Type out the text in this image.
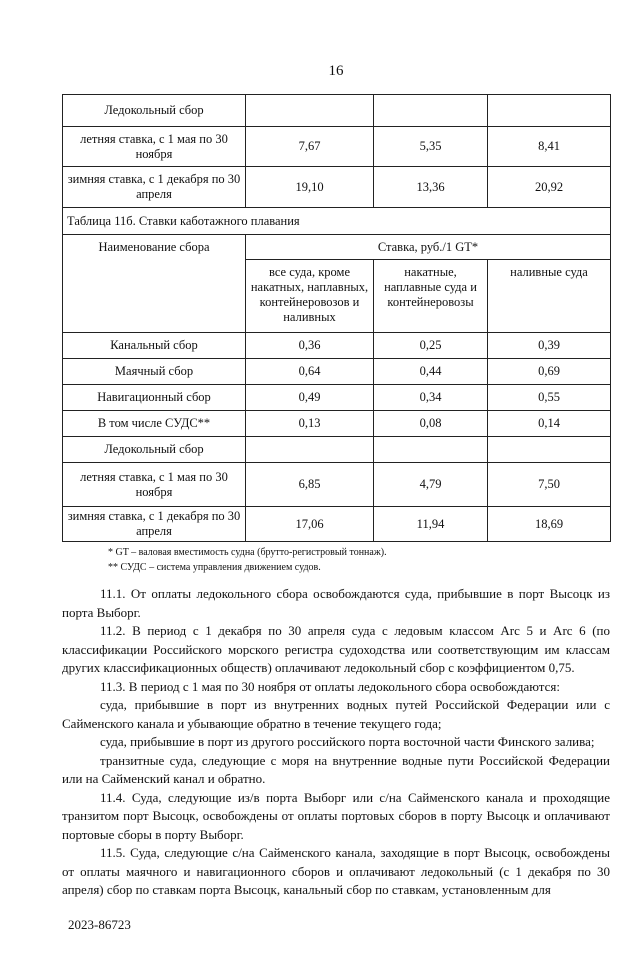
16
Ледокольный сбор			
летняя ставка, с 1 мая по 30 ноября	7,67	5,35	8,41
зимняя ставка, с 1 декабря по 30 апреля	19,10	13,36	20,92
Таблица 11б. Ставки каботажного плавания			
Наименование сбора	Ставка, руб./1 GT*		
	все суда, кроме накатных, наплавных, контейнеровозов и наливных	накатные, наплавные суда и контейнеровозы	наливные суда
Канальный сбор	0,36	0,25	0,39
Маячный сбор	0,64	0,44	0,69
Навигационный сбор	0,49	0,34	0,55
В том числе СУДС**	0,13	0,08	0,14
Ледокольный сбор			
летняя ставка, с 1 мая по 30 ноября	6,85	4,79	7,50
зимняя ставка, с 1 декабря по 30 апреля	17,06	11,94	18,69
* GT – валовая вместимость судна (брутто-регистровый тоннаж).
** СУДС – система управления движением судов.

11.1. От оплаты ледокольного сбора освобождаются суда, прибывшие в порт Высоцк из порта Выборг.

11.2. В период с 1 декабря по 30 апреля суда с ледовым классом Arc 5 и Arc 6 (по классификации Российского морского регистра судоходства или соответствующим им классам других классификационных обществ) оплачивают ледокольный сбор с коэффициентом 0,75.

11.3. В период с 1 мая по 30 ноября от оплаты ледокольного сбора освобождаются:

суда, прибывшие в порт из внутренних водных путей Российской Федерации или с Сайменского канала и убывающие обратно в течение текущего года;

суда, прибывшие в порт из другого российского порта восточной части Финского залива;

транзитные суда, следующие с моря на внутренние водные пути Российской Федерации или на Сайменский канал и обратно.

11.4. Суда, следующие из/в порта Выборг или с/на Сайменского канала и проходящие транзитом порт Высоцк, освобождены от оплаты портовых сборов в порту Высоцк и оплачивают портовые сборы в порту Выборг.

11.5. Суда, следующие с/на Сайменского канала, заходящие в порт Высоцк, освобождены от оплаты маячного и навигационного сборов и оплачивают ледокольный (с 1 декабря по 30 апреля) сбор по ставкам порта Высоцк, канальный сбор по ставкам, установленным для

2023-86723
